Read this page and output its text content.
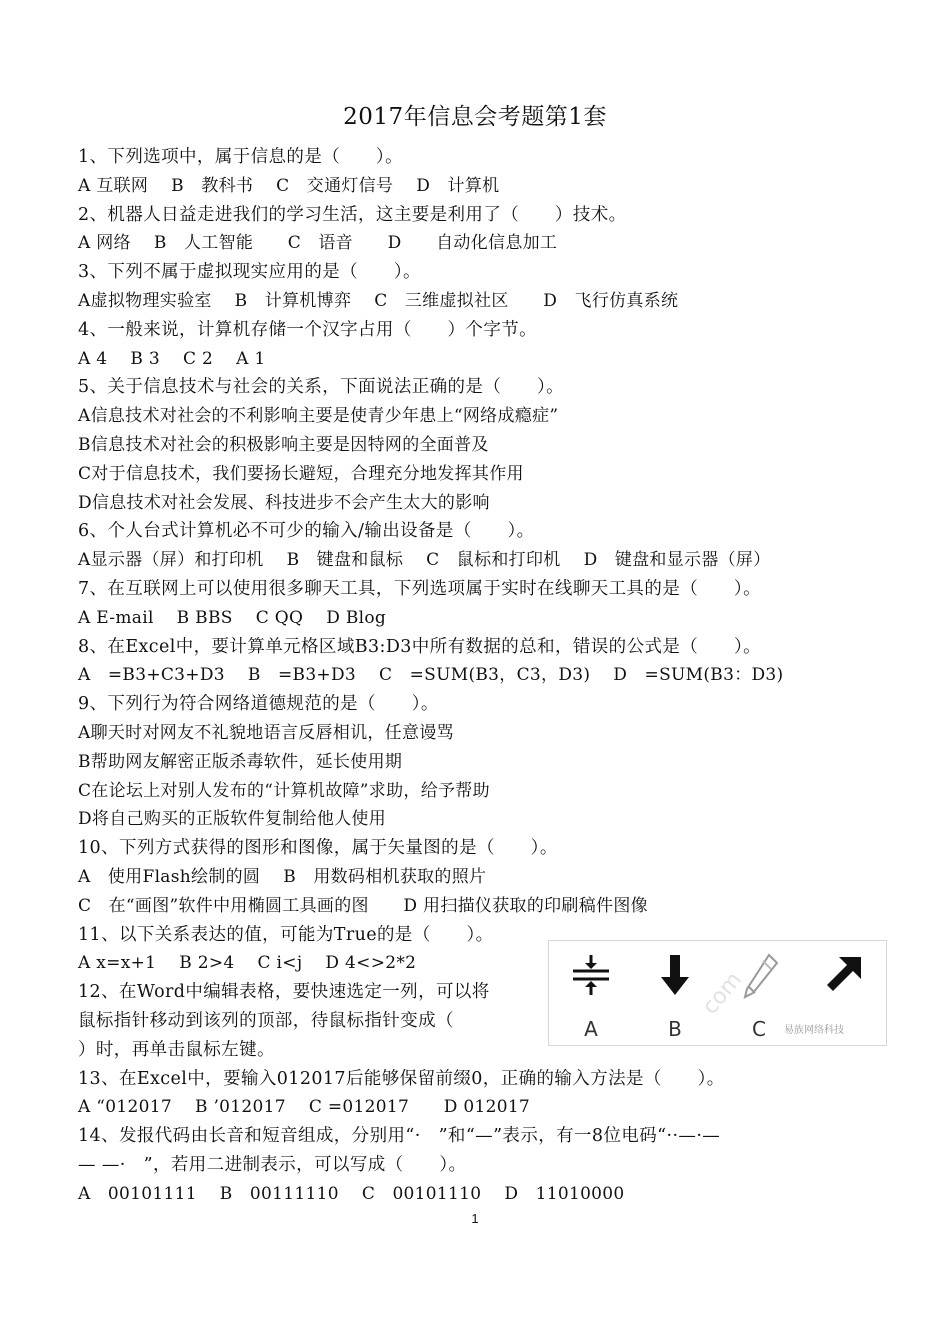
2017年信息会考题第1套
1、下列选项中，属于信息的是（　　）。
A 互联网　 B　教科书　 C　交通灯信号　 D　计算机
2、机器人日益走进我们的学习生活，这主要是利用了（　　）技术。
A 网络　 B　人工智能　　C　语音　　D　　自动化信息加工
3、下列不属于虚拟现实应用的是（　　）。
A虚拟物理实验室　 B　计算机博弈　 C　三维虚拟社区　　D　飞行仿真系统
4、一般来说，计算机存储一个汉字占用（　　）个字节。
A 4　 B 3　 C 2　 A 1
5、关于信息技术与社会的关系，下面说法正确的是（　　）。
A信息技术对社会的不利影响主要是使青少年患上“网络成瘾症”
B信息技术对社会的积极影响主要是因特网的全面普及
C对于信息技术，我们要扬长避短，合理充分地发挥其作用
D信息技术对社会发展、科技进步不会产生太大的影响
6、个人台式计算机必不可少的输入/输出设备是（　　）。
A显示器（屏）和打印机　 B　键盘和鼠标　 C　鼠标和打印机　 D　键盘和显示器（屏）
7、在互联网上可以使用很多聊天工具，下列选项属于实时在线聊天工具的是（　　）。
A E-mail　 B BBS　 C QQ　 D Blog
8、在Excel中，要计算单元格区域B3:D3中所有数据的总和，错误的公式是（　　）。
A　=B3+C3+D3　 B　=B3+D3　 C　=SUM(B3，C3，D3)　 D　=SUM(B3：D3)
9、下列行为符合网络道德规范的是（　　）。
A聊天时对网友不礼貌地语言反唇相讥，任意谩骂
B帮助网友解密正版杀毒软件，延长使用期
C在论坛上对别人发布的“计算机故障”求助，给予帮助
D将自己购买的正版软件复制给他人使用
10、下列方式获得的图形和图像，属于矢量图的是（　　）。
A　使用Flash绘制的圆　 B　用数码相机获取的照片
C　在“画图”软件中用椭圆工具画的图　　D 用扫描仪获取的印刷稿件图像
11、以下关系表达的值，可能为True的是（　　）。
A x=x+1　 B 2>4　 C i<j　 D 4<>2*2
12、在Word中编辑表格，要快速选定一列，可以将
鼠标指针移动到该列的顶部，待鼠标指针变成（
）时，再单击鼠标左键。
13、在Excel中，要输入012017后能够保留前缀0，正确的输入方法是（　　）。
A “012017　 B ’012017　 C =012017　　D 012017
14、发报代码由长音和短音组成，分别用“·　”和“—”表示，有一8位电码“··—·—
— —·　”，若用二进制表示，可以写成（　　）。
A　00101111　 B　00111110　 C　00101110　 D　11010000
A	B	C
com
易族网络科技
1
